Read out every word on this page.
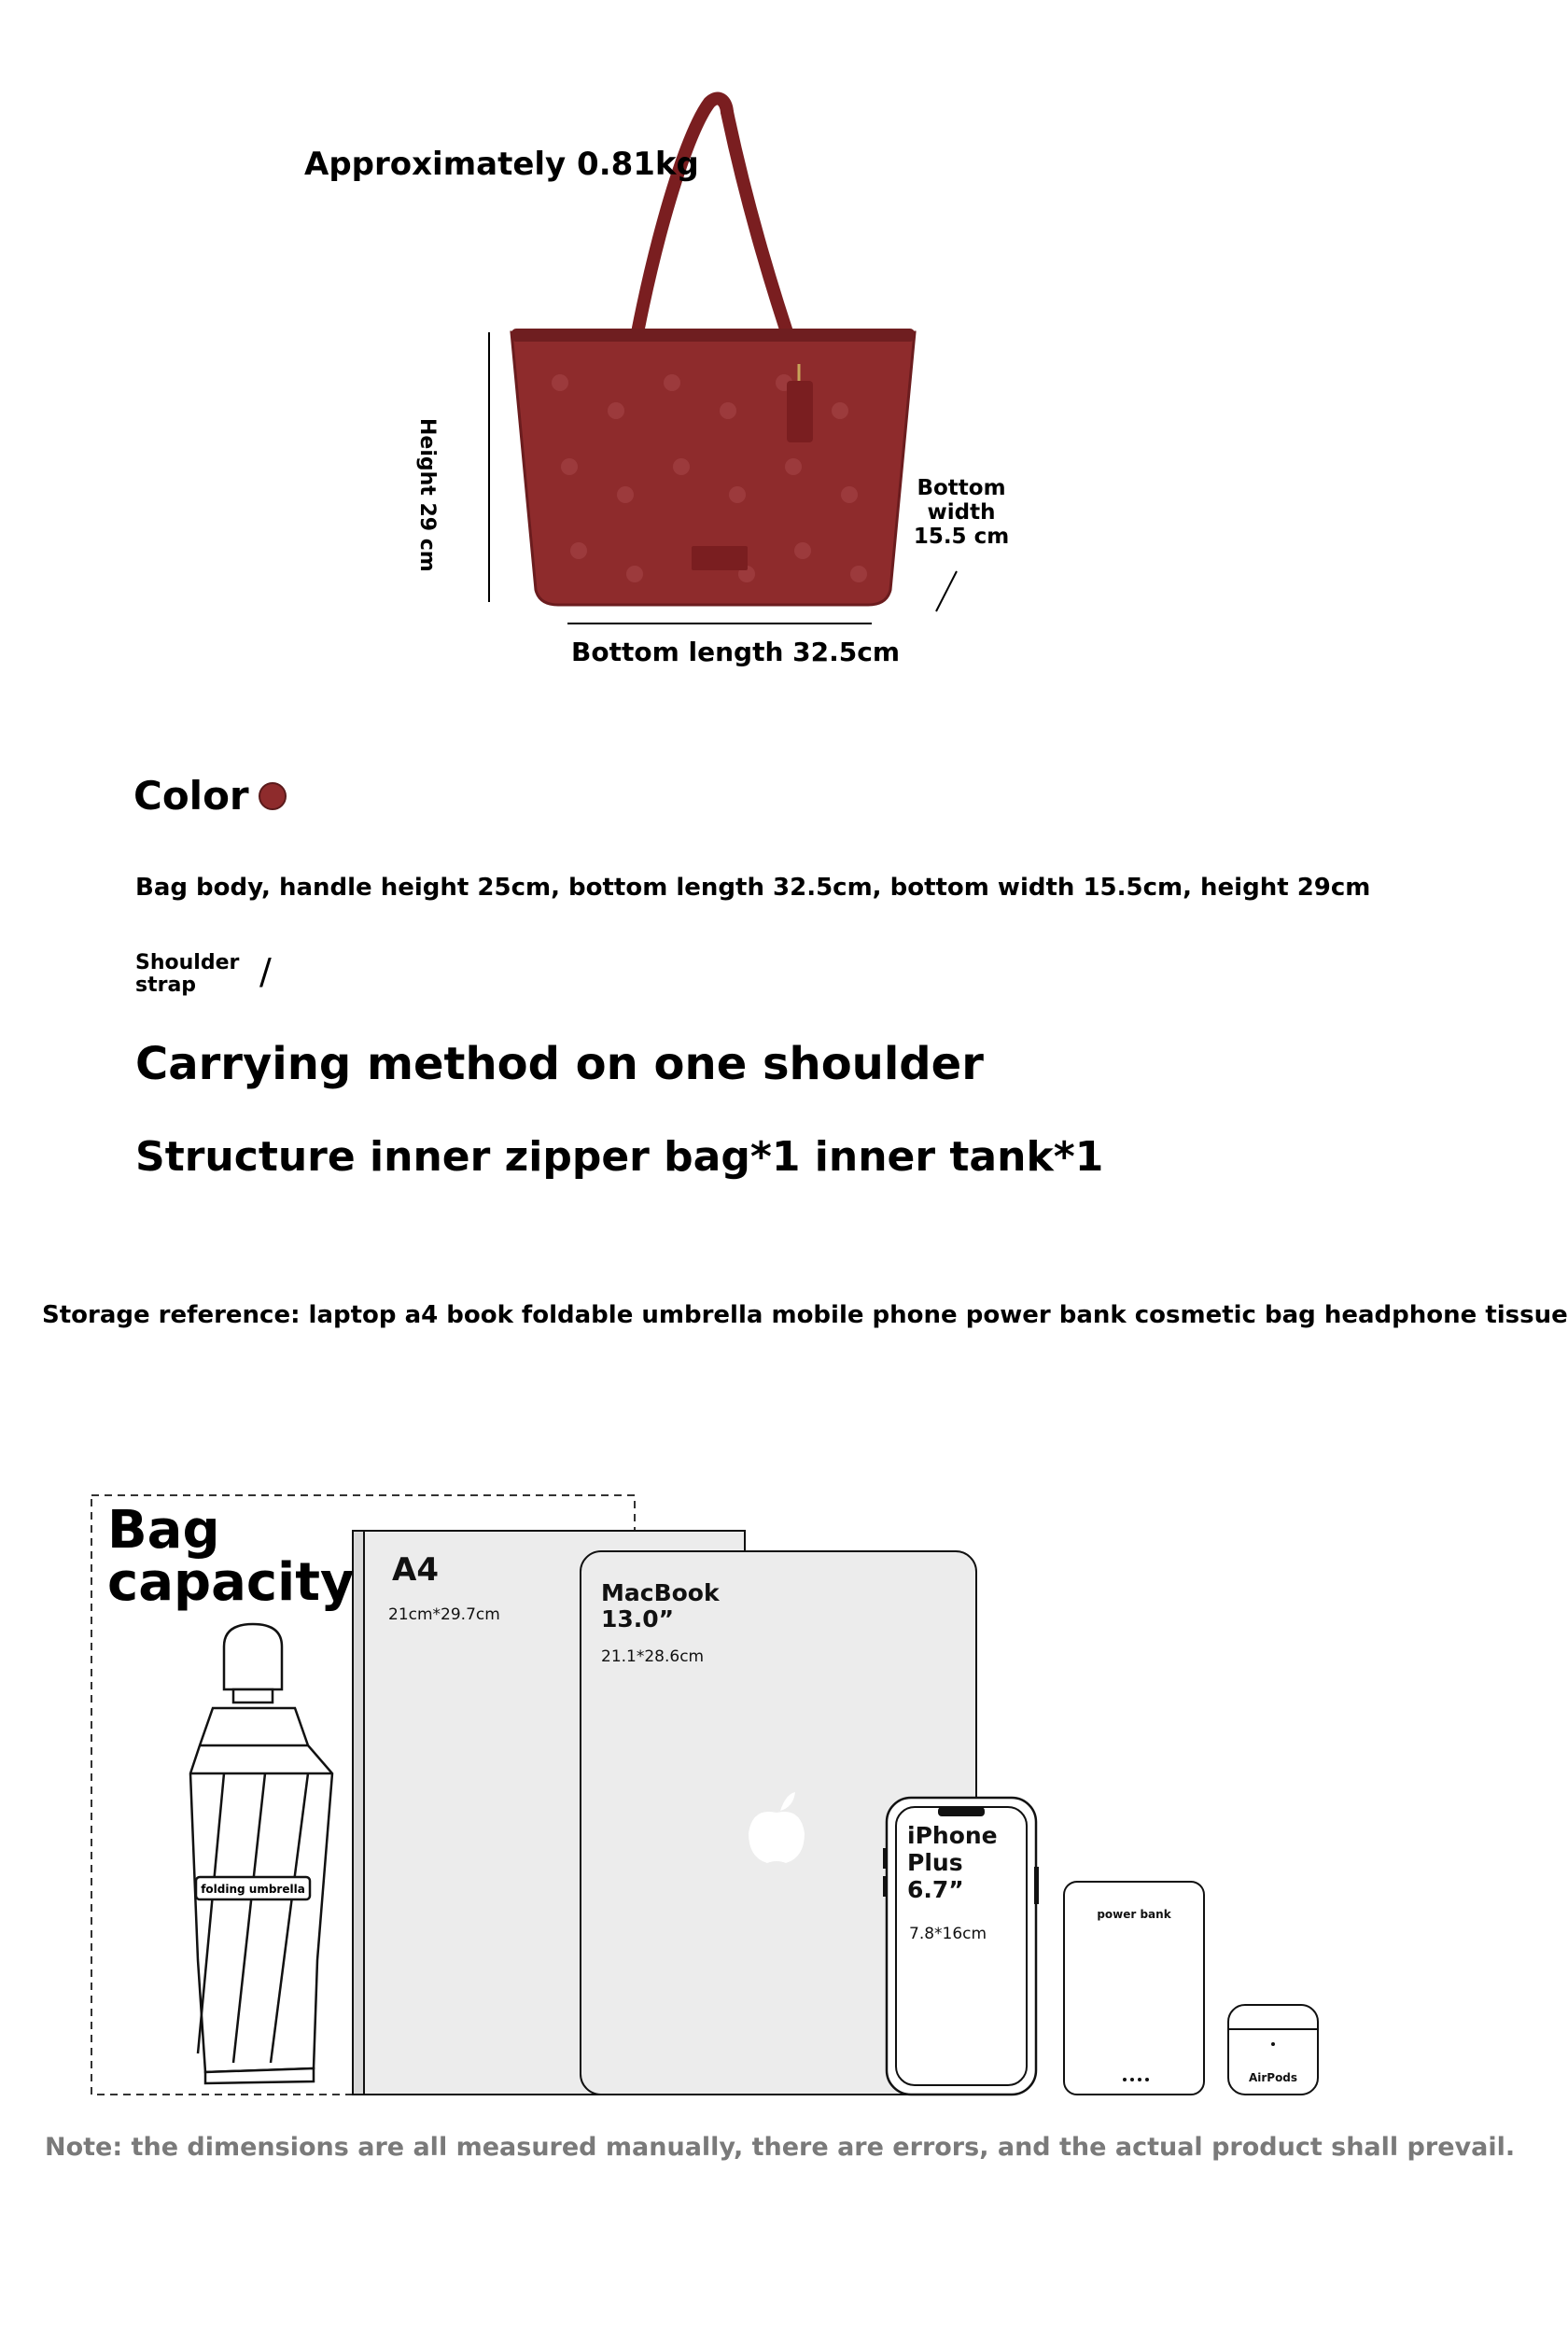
Approximately 0.81kg
Height 29 cm	Bottom width 15.5 cm
Bottom length 32.5cm
Color
Bag body, handle height 25cm, bottom length 32.5cm, bottom width 15.5cm, height 29cm
Shoulder strap	/
Carrying method on one shoulder
Structure inner zipper bag*1 inner tank*1
Storage reference: laptop a4 book foldable umbrella mobile phone power bank cosmetic bag headphone tissue
folding umbrella
A4
21cm*29.7cm
MacBook
13.0”
21.1*28.6cm
iPhone
Plus
6.7”
7.8*16cm
power bank
AirPods
Bag
capacity
Note: the dimensions are all measured manually, there are errors, and the actual product shall prevail.
